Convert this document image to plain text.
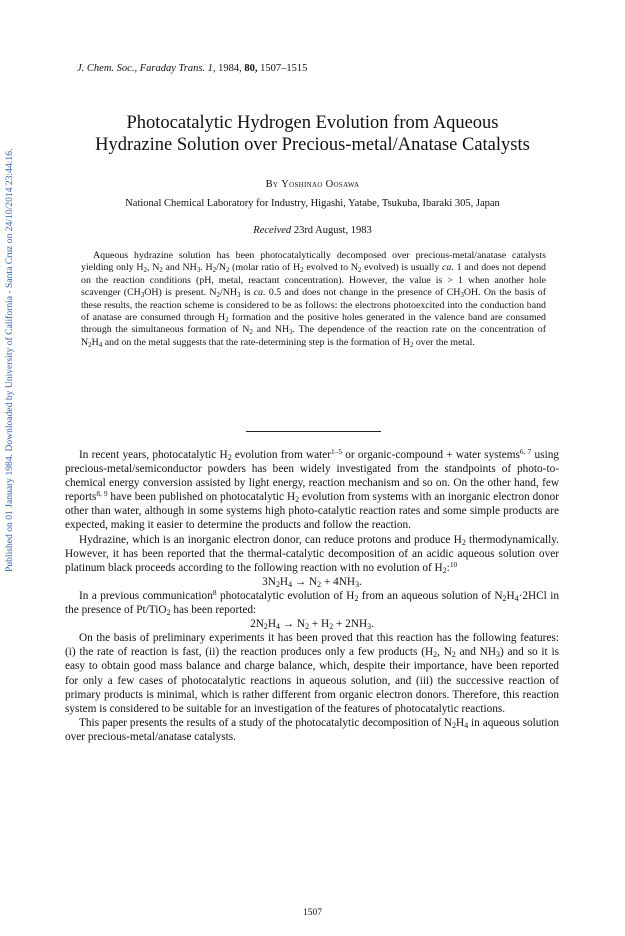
Published on 01 January 1984. Downloaded by University of California - Santa Cruz on 24/10/2014 23:44:16.
J. Chem. Soc., Faraday Trans. 1, 1984, 80, 1507–1515
Photocatalytic Hydrogen Evolution from Aqueous
Hydrazine Solution over Precious-metal/Anatase Catalysts
By Yoshinao Oosawa
National Chemical Laboratory for Industry, Higashi, Yatabe, Tsukuba, Ibaraki 305, Japan
Received 23rd August, 1983

Aqueous hydrazine solution has been photocatalytically decomposed over precious-metal/anatase catalysts yielding only $H_2$, $N_2$ and $NH_3$. $H_2/N_2$ (molar ratio of $H_2$ evolved to $N_2$ evolved) is usually ca. 1 and does not depend on the reaction conditions (pH, metal, reactant concentration). However, the value is > 1 when another hole scavenger $(CH_3OH)$ is present. $N_2/NH_3$ is ca. 0.5 and does not change in the presence of $CH_3OH$. On the basis of these results, the reaction scheme is considered to be as follows: the electrons photoexcited into the conduction band of anatase are consumed through $H_2$ formation and the positive holes generated in the valence band are consumed through the simultaneous formation of $N_2$ and $NH_3$. The dependence of the reaction rate on the concentration of $N_2H_4$ and on the metal suggests that the rate-determining step is the formation of $H_2$ over the metal.

In recent years, photocatalytic $H_2$ evolution from water$^{1-5}$ or organic-compound + water systems$^{6, 7}$ using precious-metal/semiconductor powders has been widely investigated from the standpoints of photo-to-chemical energy conversion assisted by light energy, reaction mechanism and so on. On the other hand, few reports$^{8, 9}$ have been published on photocatalytic $H_2$ evolution from systems with an inorganic electron donor other than water, although in some systems high photo-catalytic reaction rates and some simple products are expected, making it easier to determine the products and follow the reaction.

Hydrazine, which is an inorganic electron donor, can reduce protons and produce $H_2$ thermodynamically. However, it has been reported that the thermal-catalytic decomposition of an acidic aqueous solution over platinum black proceeds according to the following reaction with no evolution of $H_2:^{10}$

$3N_2H_4 \to N_2 + 4NH_3$.

In a previous communication$^8$ photocatalytic evolution of $H_2$ from an aqueous solution of $N_2H_4\cdot 2HCl$ in the presence of Pt/TiO$_2$ has been reported:

$2N_2H_4 \to N_2 + H_2 + 2NH_3$.

On the basis of preliminary experiments it has been proved that this reaction has the following features: (i) the rate of reaction is fast, (ii) the reaction produces only a few products ($H_2$, $N_2$ and $NH_3$) and so it is easy to obtain good mass balance and charge balance, which, despite their importance, have been reported for only a few cases of photocatalytic reactions in aqueous solution, and (iii) the successive reaction of primary products is minimal, which is rather different from organic electron donors. Therefore, this reaction system is considered to be suitable for an investigation of the features of photocatalytic reactions.

This paper presents the results of a study of the photocatalytic decomposition of $N_2H_4$ in aqueous solution over precious-metal/anatase catalysts.

1507
